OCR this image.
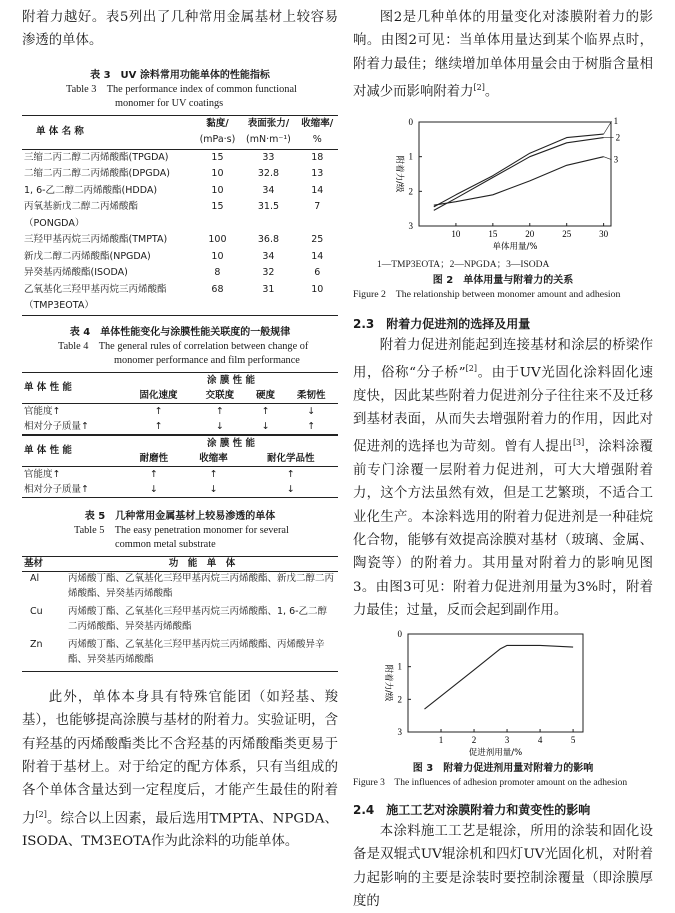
附着力越好。表5列出了几种常用金属基材上较容易渗透的单体。

表 3　UV 涂料常用功能单体的性能指标
Table 3　The performance index of common functional
monomer for UV coatings
单 体 名 称	黏度/	表面张力/	收缩率/
	(mPa·s)	(mN·m⁻¹)	%
三缩二丙二醇二丙烯酸酯(TPGDA)	15	33	18
二缩二丙二醇二丙烯酸酯(DPGDA)	10	32.8	13
1, 6-乙二醇二丙烯酸酯(HDDA)	10	34	14
丙氧基新戊二醇二丙烯酸酯	15	31.5	7
（PONGDA）			
三羟甲基丙烷三丙烯酸酯(TMPTA)	100	36.8	25
新戊二醇二丙烯酸酯(NPGDA)	10	34	14
异癸基丙烯酸酯(ISODA)	8	32	6
乙氧基化三羟甲基丙烷三丙烯酸酯	68	31	10
（TMP3EOTA）			
表 4　单体性能变化与涂膜性能关联度的一般规律
Table 4　The general rules of correlation between change of
monomer performance and film performance
单 体 性 能	涂 膜 性 能			
	固化速度	交联度	硬度	柔韧性
官能度↑	↑	↑	↑	↓
相对分子质量↑	↑	↓	↓	↑
单 体 性 能	涂 膜 性 能		
	耐磨性	收缩率	耐化学品性
官能度↑	↑	↑	↑
相对分子质量↑	↓	↓	↓
表 5　几种常用金属基材上较易渗透的单体
Table 5　The easy penetration monomer for several
common metal substrate
基材	功　能　单　体
Al	丙烯酸丁酯、乙氧基化三羟甲基丙烷三丙烯酸酯、新戊二醇二丙烯酸酯、异癸基丙烯酸酯
Cu	丙烯酸丁酯、乙氧基化三羟甲基丙烷三丙烯酸酯、1, 6-乙二醇二丙烯酸酯、异癸基丙烯酸酯
Zn	丙烯酸丁酯、乙氧基化三羟甲基丙烷三丙烯酸酯、丙烯酸异辛酯、异癸基丙烯酸酯

此外，单体本身具有特殊官能团（如羟基、羧基），也能够提高涂膜与基材的附着力。实验证明，含有羟基的丙烯酸酯类比不含羟基的丙烯酸酯类更易于附着于基材上。对于给定的配方体系，只有当组成的各个单体含量达到一定程度后，才能产生最佳的附着力[2]。综合以上因素，最后选用TMPTA、NPGDA、ISODA、TM3EOTA作为此涂料的功能单体。

图2是几种单体的用量变化对漆膜附着力的影响。由图2可见：当单体用量达到某个临界点时，附着力最佳；继续增加单体用量会由于树脂含量相对减少而影响附着力[2]。

10	15	20	25	30
0
1
2
3
单体用量/%
附着力/级
1
2
3
1—TMP3EOTA；2—NPGDA；3—ISODA
图 2　单体用量与附着力的关系
Figure 2　The relationship between monomer amount and adhesion
2.3　附着力促进剂的选择及用量

附着力促进剂能起到连接基材和涂层的桥梁作用，俗称“分子桥”[2]。由于UV光固化涂料固化速度快，因此某些附着力促进剂分子往往来不及迁移到基材表面，从而失去增强附着力的作用，因此对促进剂的选择也为苛刻。曾有人提出[3]，涂料涂覆前专门涂覆一层附着力促进剂，可大大增强附着力，这个方法虽然有效，但是工艺繁琐，不适合工业化生产。本涂料选用的附着力促进剂是一种硅烷化合物，能够有效提高涂膜对基材（玻璃、金属、陶瓷等）的附着力。其用量对附着力的影响见图3。由图3可见：附着力促进剂用量为3%时，附着力最佳；过量，反而会起到副作用。

1	2	3	4	5
0
1
2
3
促进剂用量/%
附着力/级
图 3　附着力促进剂用量对附着力的影响
Figure 3　The influences of adhesion promoter amount on the adhesion
2.4　施工工艺对涂膜附着力和黄变性的影响

本涂料施工工艺是辊涂，所用的涂装和固化设备是双辊式UV辊涂机和四灯UV光固化机，对附着力起影响的主要是涂装时要控制涂覆量（即涂膜厚度的
